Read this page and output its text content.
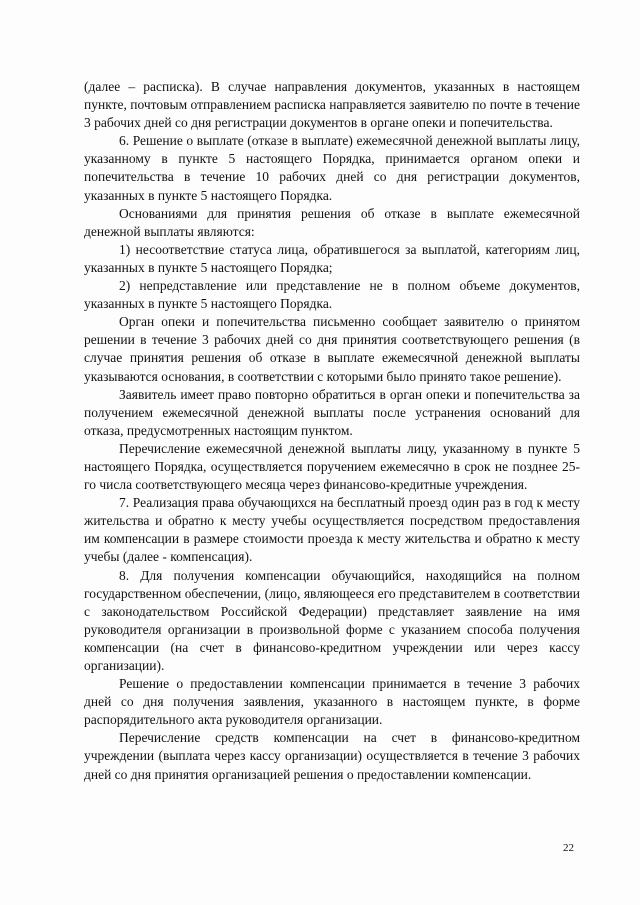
(далее – расписка). В случае направления документов, указанных в настоящем пункте, почтовым отправлением расписка направляется заявителю по почте в течение 3 рабочих дней со дня регистрации документов в органе опеки и попечительства.

6. Решение о выплате (отказе в выплате) ежемесячной денежной выплаты лицу, указанному в пункте 5 настоящего Порядка, принимается органом опеки и попечительства в течение 10 рабочих дней со дня регистрации документов, указанных в пункте 5 настоящего Порядка.

Основаниями для принятия решения об отказе в выплате ежемесячной денежной выплаты являются:

1) несоответствие статуса лица, обратившегося за выплатой, категориям лиц, указанных в пункте 5 настоящего Порядка;

2) непредставление или представление не в полном объеме документов, указанных в пункте 5 настоящего Порядка.

Орган опеки и попечительства письменно сообщает заявителю о принятом решении в течение 3 рабочих дней со дня принятия соответствующего решения (в случае принятия решения об отказе в выплате ежемесячной денежной выплаты указываются основания, в соответствии с которыми было принято такое решение).

Заявитель имеет право повторно обратиться в орган опеки и попечительства за получением ежемесячной денежной выплаты после устранения оснований для отказа, предусмотренных настоящим пунктом.

Перечисление ежемесячной денежной выплаты лицу, указанному в пункте 5 настоящего Порядка, осуществляется поручением ежемесячно в срок не позднее 25-го числа соответствующего месяца через финансово-кредитные учреждения.

7. Реализация права обучающихся на бесплатный проезд один раз в год к месту жительства и обратно к месту учебы осуществляется посредством предоставления им компенсации в размере стоимости проезда к месту жительства и обратно к месту учебы (далее - компенсация).

8. Для получения компенсации обучающийся, находящийся на полном государственном обеспечении, (лицо, являющееся его представителем в соответствии с законодательством Российской Федерации) представляет заявление на имя руководителя организации в произвольной форме с указанием способа получения компенсации (на счет в финансово-кредитном учреждении или через кассу организации).

Решение о предоставлении компенсации принимается в течение 3 рабочих дней со дня получения заявления, указанного в настоящем пункте, в форме распорядительного акта руководителя организации.

Перечисление средств компенсации на счет в финансово-кредитном учреждении (выплата через кассу организации) осуществляется в течение 3 рабочих дней со дня принятия организацией решения о предоставлении компенсации.

22
